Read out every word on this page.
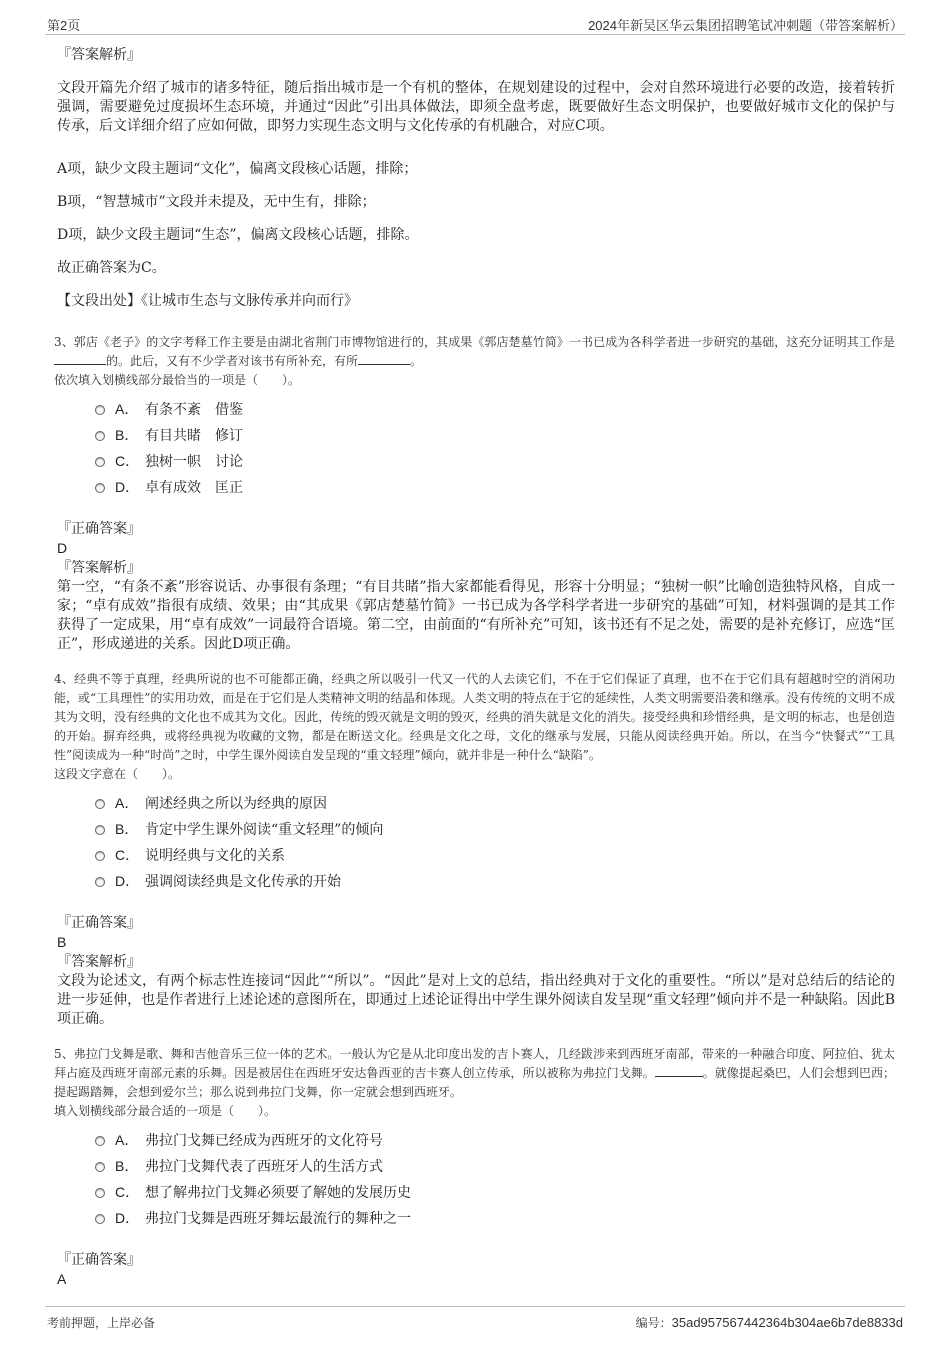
第2页	2024年新吴区华云集团招聘笔试冲刺题（带答案解析）
『答案解析』
文段开篇先介绍了城市的诸多特征，随后指出城市是一个有机的整体，在规划建设的过程中，会对自然环境进行必要的改造，接着转折强调，需要避免过度损坏生态环境，并通过“因此”引出具体做法，即须全盘考虑，既要做好生态文明保护，也要做好城市文化的保护与传承，后文详细介绍了应如何做，即努力实现生态文明与文化传承的有机融合，对应C项。
A项，缺少文段主题词“文化”，偏离文段核心话题，排除；
B项，“智慧城市”文段并未提及，无中生有，排除；
D项，缺少文段主题词“生态”，偏离文段核心话题，排除。
故正确答案为C。
【文段出处】《让城市生态与文脉传承并向而行》
3、郭店《老子》的文字考释工作主要是由湖北省荆门市博物馆进行的，其成果《郭店楚墓竹简》一书已成为各科学者进一步研究的基础，这充分证明其工作是的。此后，又有不少学者对该书有所补充，有所	。
依次填入划横线部分最恰当的一项是（　　）。
A． 有条不紊　借鉴
B． 有目共睹　修订
C． 独树一帜　讨论
D． 卓有成效　匡正
『正确答案』
D
『答案解析』
第一空，“有条不紊”形容说话、办事很有条理；“有目共睹”指大家都能看得见，形容十分明显；“独树一帜”比喻创造独特风格，自成一家；“卓有成效”指很有成绩、效果；由“其成果《郭店楚墓竹简》一书已成为各学科学者进一步研究的基础”可知，材料强调的是其工作获得了一定成果，用“卓有成效”一词最符合语境。第二空，由前面的“有所补充”可知，该书还有不足之处，需要的是补充修订，应选“匡正”，形成递进的关系。因此D项正确。
4、经典不等于真理，经典所说的也不可能都正确，经典之所以吸引一代又一代的人去读它们，不在于它们保证了真理，也不在于它们具有超越时空的消闲功能，或“工具理性”的实用功效，而是在于它们是人类精神文明的结晶和体现。人类文明的特点在于它的延续性，人类文明需要沿袭和继承。没有传统的文明不成其为文明，没有经典的文化也不成其为文化。因此，传统的毁灭就是文明的毁灭，经典的消失就是文化的消失。接受经典和珍惜经典，是文明的标志，也是创造的开始。摒弃经典，或将经典视为收藏的文物，都是在断送文化。经典是文化之母，文化的继承与发展，只能从阅读经典开始。所以，在当今“快餐式”“工具性”阅读成为一种“时尚”之时，中学生课外阅读自发呈现的“重文轻理”倾向，就并非是一种什么“缺陷”。
这段文字意在（　　）。
A． 阐述经典之所以为经典的原因
B． 肯定中学生课外阅读“重文轻理”的倾向
C． 说明经典与文化的关系
D． 强调阅读经典是文化传承的开始
『正确答案』
B
『答案解析』
文段为论述文，有两个标志性连接词“因此”“所以”。“因此”是对上文的总结，指出经典对于文化的重要性。“所以”是对总结后的结论的进一步延伸，也是作者进行上述论述的意图所在，即通过上述论证得出中学生课外阅读自发呈现“重文轻理”倾向并不是一种缺陷。因此B项正确。
5、弗拉门戈舞是歌、舞和吉他音乐三位一体的艺术。一般认为它是从北印度出发的吉卜赛人，几经跋涉来到西班牙南部，带来的一种融合印度、阿拉伯、犹太拜占庭及西班牙南部元素的乐舞。因是被居住在西班牙安达鲁西亚的吉卡赛人创立传承，所以被称为弗拉门戈舞。	。就像提起桑巴，人们会想到巴西；提起踢踏舞，会想到爱尔兰；那么说到弗拉门戈舞，你一定就会想到西班牙。
填入划横线部分最合适的一项是（　　）。
A． 弗拉门戈舞已经成为西班牙的文化符号
B． 弗拉门戈舞代表了西班牙人的生活方式
C． 想了解弗拉门戈舞必须要了解她的发展历史
D． 弗拉门戈舞是西班牙舞坛最流行的舞种之一
『正确答案』
A
考前押题，上岸必备	编号：35ad957567442364b304ae6b7de8833d
